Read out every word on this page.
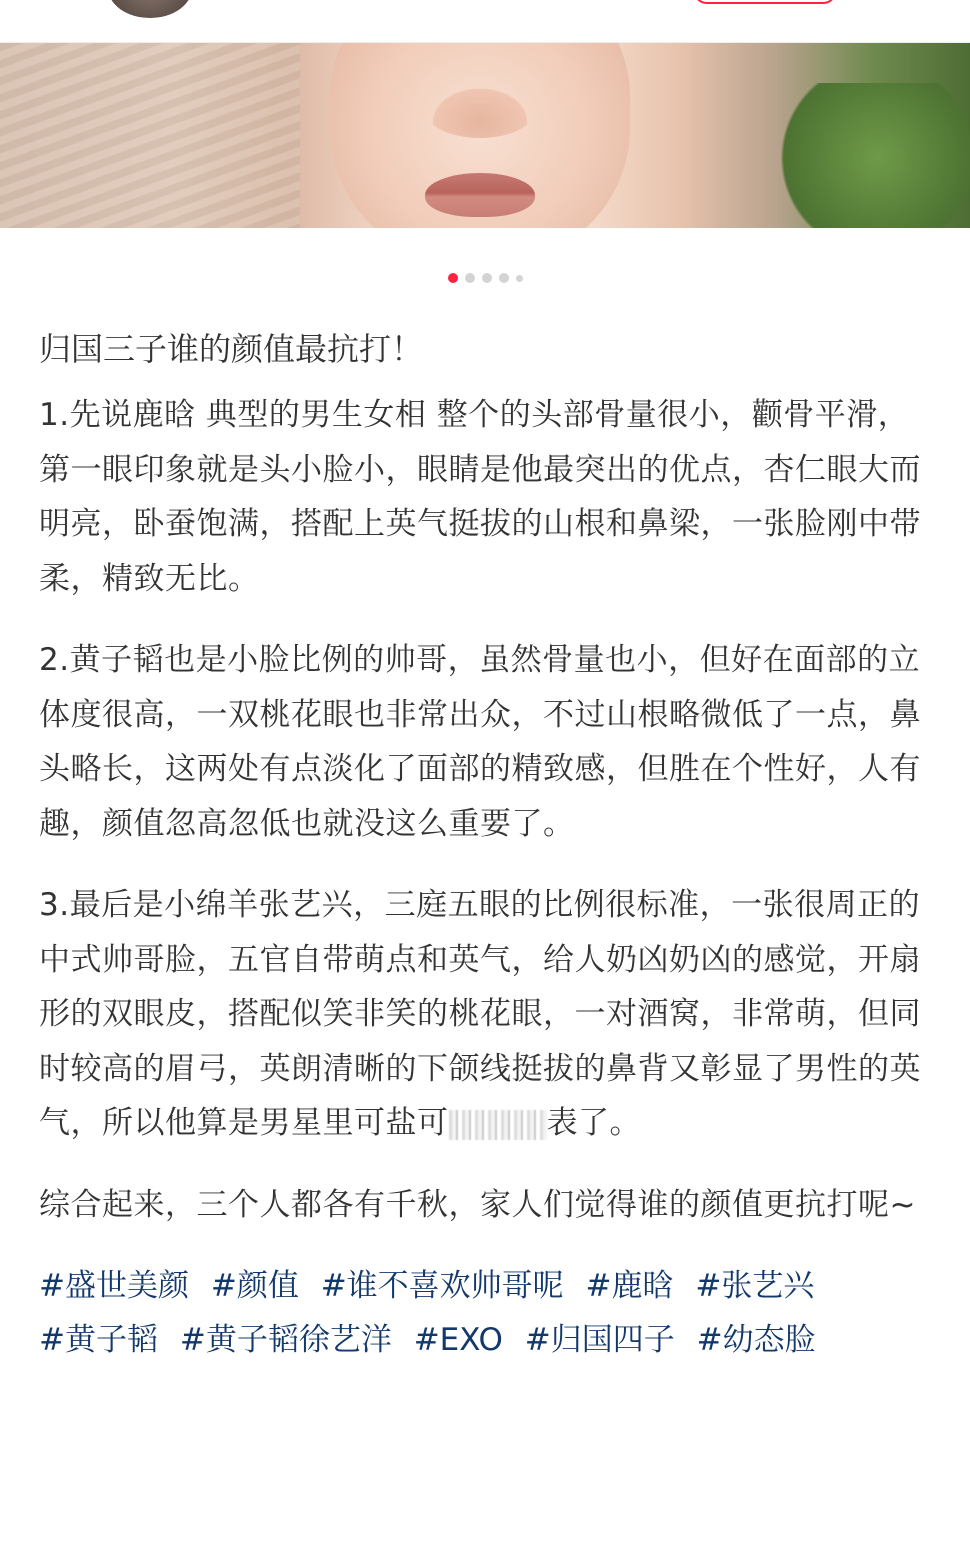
归国三子谁的颜值最抗打！

1.先说鹿晗 典型的男生女相 整个的头部骨量很小，颧骨平滑，第一眼印象就是头小脸小，眼睛是他最突出的优点，杏仁眼大而明亮，卧蚕饱满，搭配上英气挺拔的山根和鼻梁，一张脸刚中带柔，精致无比。

2.黄子韬也是小脸比例的帅哥，虽然骨量也小，但好在面部的立体度很高，一双桃花眼也非常出众，不过山根略微低了一点，鼻头略长，这两处有点淡化了面部的精致感，但胜在个性好，人有趣，颜值忽高忽低也就没这么重要了。

3.最后是小绵羊张艺兴，三庭五眼的比例很标准，一张很周正的中式帅哥脸，五官自带萌点和英气，给人奶凶奶凶的感觉，开扇形的双眼皮，搭配似笑非笑的桃花眼，一对酒窝，非常萌，但同时较高的眉弓，英朗清晰的下颌线挺拔的鼻背又彰显了男性的英气，所以他算是男星里可盐可	表了。

综合起来，三个人都各有千秋，家人们觉得谁的颜值更抗打呢~

#盛世美颜 #颜值 #谁不喜欢帅哥呢 #鹿晗 #张艺兴 #黄子韬 #黄子韬徐艺洋 #EXO #归国四子 #幼态脸
